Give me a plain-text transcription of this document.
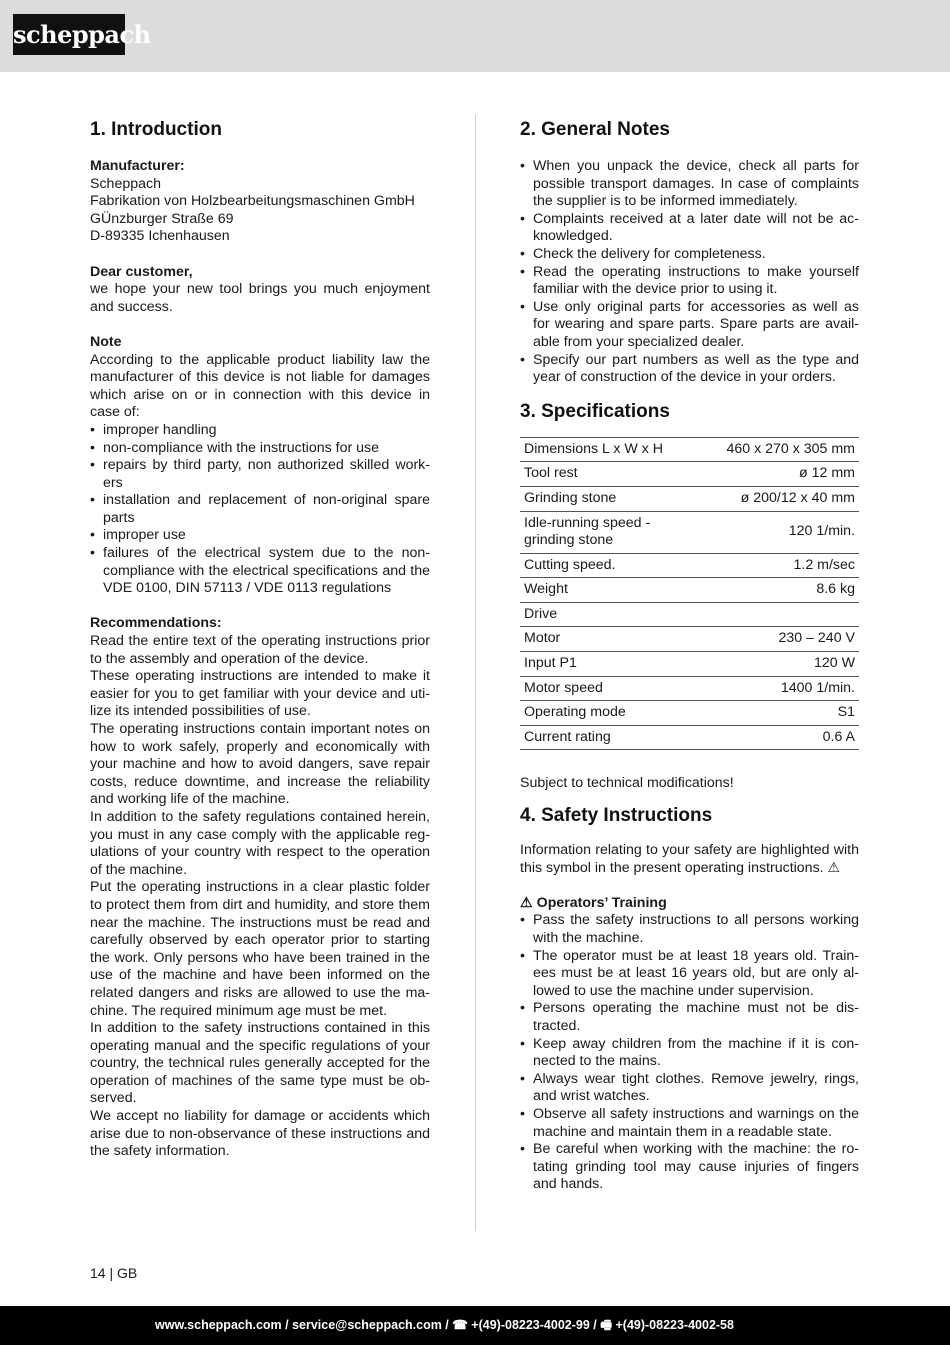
scheppach
1. Introduction
Manufacturer:
Scheppach
Fabrikation von Holzbearbeitungsmaschinen GmbH
GÜnzburger Straße 69
D-89335 Ichenhausen
Dear customer,

we hope your new tool brings you much enjoyment and success.

Note

According to the applicable product liability law the manufacturer of this device is not liable for damages which arise on or in connection with this device in case of:

• improper handling
• non-compliance with the instructions for use
• repairs by third party, non authorized skilled work-ers
• installation and replacement of non-original spare parts
• improper use
• failures of the electrical system due to the non-compliance with the electrical specifications and the VDE 0100, DIN 57113 / VDE 0113 regulations
Recommendations:

Read the entire text of the operating instructions prior to the assembly and operation of the device.

These operating instructions are intended to make it easier for you to get familiar with your device and uti-lize its intended possibilities of use.

The operating instructions contain important notes on how to work safely, properly and economically with your machine and how to avoid dangers, save repair costs, reduce downtime, and increase the reliability and working life of the machine.

In addition to the safety regulations contained herein, you must in any case comply with the applicable reg-ulations of your country with respect to the operation of the machine.

Put the operating instructions in a clear plastic folder to protect them from dirt and humidity, and store them near the machine. The instructions must be read and carefully observed by each operator prior to starting the work. Only persons who have been trained in the use of the machine and have been informed on the related dangers and risks are allowed to use the ma-chine. The required minimum age must be met.

In addition to the safety instructions contained in this operating manual and the specific regulations of your country, the technical rules generally accepted for the operation of machines of the same type must be ob-served.

We accept no liability for damage or accidents which arise due to non-observance of these instructions and the safety information.

2. General Notes
• When you unpack the device, check all parts for possible transport damages. In case of complaints the supplier is to be informed immediately.
• Complaints received at a later date will not be ac-knowledged.
• Check the delivery for completeness.
• Read the operating instructions to make yourself familiar with the device prior to using it.
• Use only original parts for accessories as well as for wearing and spare parts. Spare parts are avail-able from your specialized dealer.
• Specify our part numbers as well as the type and year of construction of the device in your orders.
3. Specifications
Dimensions L x W x H	460 x 270 x 305 mm
Tool rest	ø 12 mm
Grinding stone	ø 200/12 x 40 mm
Idle-running speed - grinding stone	120 1/min.
Cutting speed.	1.2 m/sec
Weight	8.6 kg
Drive	
Motor	230 – 240 V
Input P1	120 W
Motor speed	1400 1/min.
Operating mode	S1
Current rating	0.6 A

Subject to technical modifications!

4. Safety Instructions

Information relating to your safety are highlighted with this symbol in the present operating instructions. ⚠

⚠ Operators’ Training
• Pass the safety instructions to all persons working with the machine.
• The operator must be at least 18 years old. Train-ees must be at least 16 years old, but are only al-lowed to use the machine under supervision.
• Persons operating the machine must not be dis-tracted.
• Keep away children from the machine if it is con-nected to the mains.
• Always wear tight clothes. Remove jewelry, rings, and wrist watches.
• Observe all safety instructions and warnings on the machine and maintain them in a readable state.
• Be careful when working with the machine: the ro-tating grinding tool may cause injuries of fingers and hands.
14 | GB
www.scheppach.com / service@scheppach.com / ☎ +(49)-08223-4002-99 / 🖷 +(49)-08223-4002-58
